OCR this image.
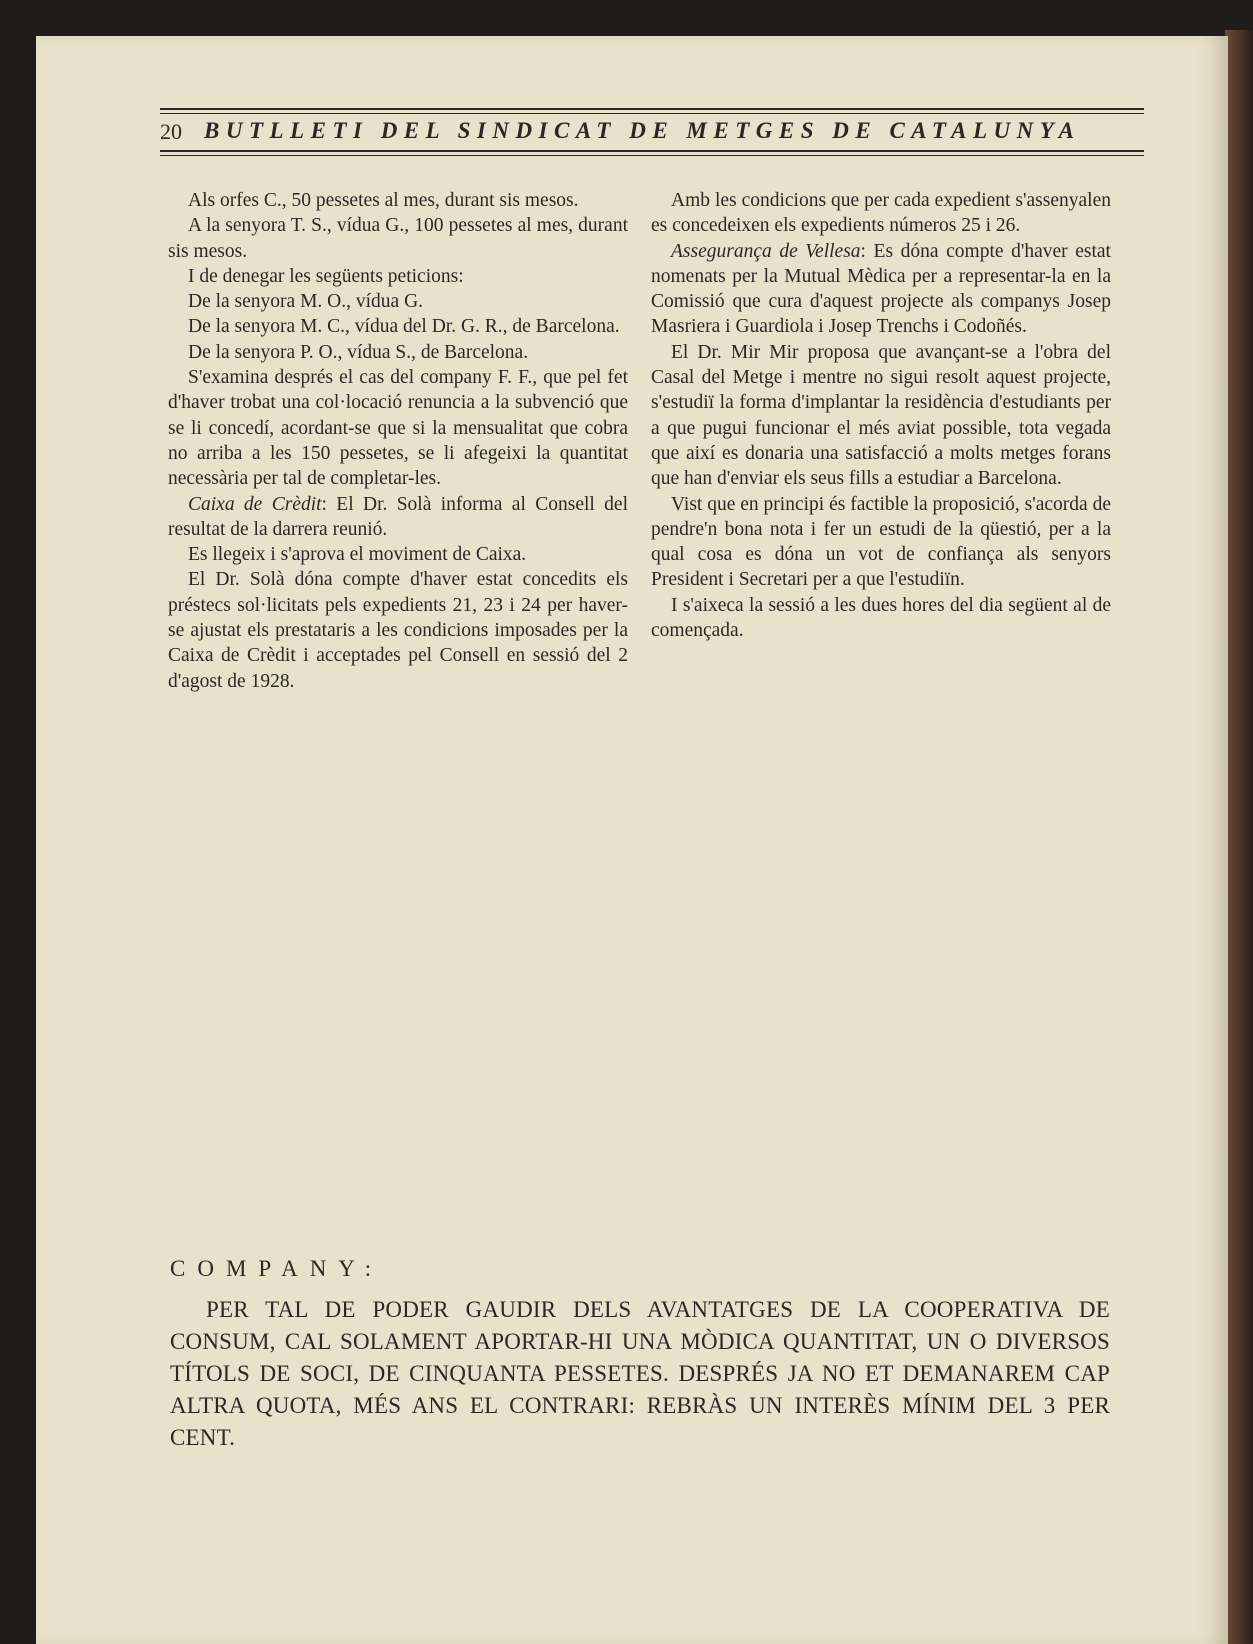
20 BUTLLETI DEL SINDICAT DE METGES DE CATALUNYA

Als orfes C., 50 pessetes al mes, durant sis mesos.

A la senyora T. S., vídua G., 100 pessetes al mes, durant sis mesos.

I de denegar les següents peticions:

De la senyora M. O., vídua G.

De la senyora M. C., vídua del Dr. G. R., de Barcelona.

De la senyora P. O., vídua S., de Barcelona.

S'examina després el cas del company F. F., que pel fet d'haver trobat una col·locació renuncia a la subvenció que se li concedí, acordant-se que si la mensualitat que cobra no arriba a les 150 pessetes, se li afegeixi la quantitat necessària per tal de completar-les.

Caixa de Crèdit: El Dr. Solà informa al Consell del resultat de la darrera reunió.

Es llegeix i s'aprova el moviment de Caixa.

El Dr. Solà dóna compte d'haver estat concedits els préstecs sol·licitats pels expedients 21, 23 i 24 per haver-se ajustat els prestataris a les condicions imposades per la Caixa de Crèdit i acceptades pel Consell en sessió del 2 d'agost de 1928.

Amb les condicions que per cada expedient s'assenyalen es concedeixen els expedients números 25 i 26.

Assegurança de Vellesa: Es dóna compte d'haver estat nomenats per la Mutual Mèdica per a representar-la en la Comissió que cura d'aquest projecte als companys Josep Masriera i Guardiola i Josep Trenchs i Codoñés.

El Dr. Mir Mir proposa que avançant-se a l'obra del Casal del Metge i mentre no sigui resolt aquest projecte, s'estudiï la forma d'implantar la residència d'estudiants per a que pugui funcionar el més aviat possible, tota vegada que així es donaria una satisfacció a molts metges forans que han d'enviar els seus fills a estudiar a Barcelona.

Vist que en principi és factible la proposició, s'acorda de pendre'n bona nota i fer un estudi de la qüestió, per a la qual cosa es dóna un vot de confiança als senyors President i Secretari per a que l'estudiïn.

I s'aixeca la sessió a les dues hores del dia següent al de començada.

COMPANY:

PER TAL DE PODER GAUDIR DELS AVANTATGES DE LA COOPERATIVA DE CONSUM, CAL SOLAMENT APORTAR-HI UNA MÒDICA QUANTITAT, UN O DIVERSOS TÍTOLS DE SOCI, DE CINQUANTA PESSETES. DESPRÉS JA NO ET DEMANAREM CAP ALTRA QUOTA, MÉS ANS EL CONTRARI: REBRÀS UN INTERÈS MÍNIM DEL 3 PER CENT.
